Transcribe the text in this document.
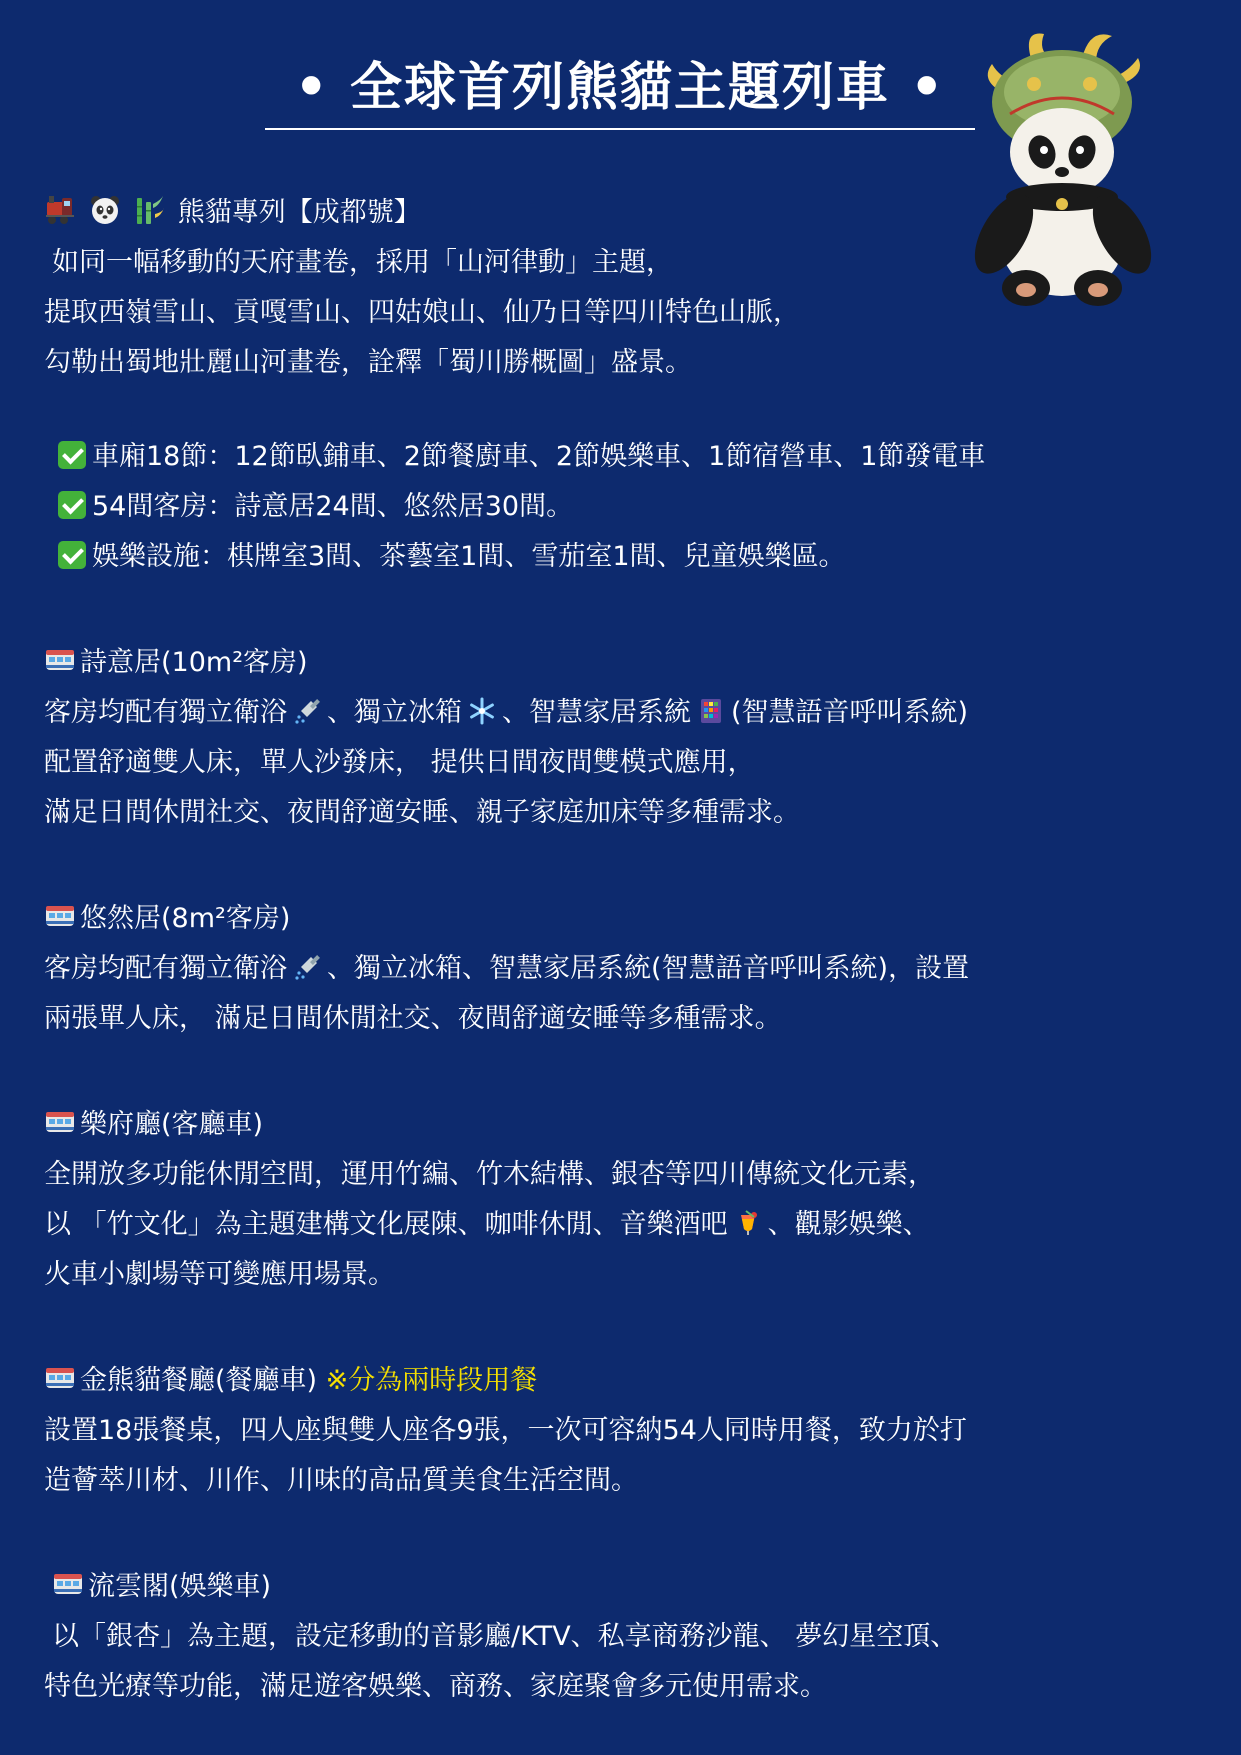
• 全球首列熊貓主題列車 •
熊貓專列【成都號】
如同一幅移動的天府畫卷，採用「山河律動」主題，
提取西嶺雪山、貢嘎雪山、四姑娘山、仙乃日等四川特色山脈，
勾勒出蜀地壯麗山河畫卷，詮釋「蜀川勝概圖」盛景。
車廂18節：12節臥鋪車、2節餐廚車、2節娛樂車、1節宿營車、1節發電車
54間客房：詩意居24間、悠然居30間。
娛樂設施：棋牌室3間、茶藝室1間、雪茄室1間、兒童娛樂區。
詩意居(10m²客房)
客房均配有獨立衛浴 、獨立冰箱 、智慧家居系統 (智慧語音呼叫系統)
配置舒適雙人床，單人沙發床， 提供日間夜間雙模式應用，
滿足日間休閒社交、夜間舒適安睡、親子家庭加床等多種需求。
悠然居(8m²客房)
客房均配有獨立衛浴 、獨立冰箱、智慧家居系統(智慧語音呼叫系統)，設置
兩張單人床， 滿足日間休閒社交、夜間舒適安睡等多種需求。
樂府廳(客廳車)
全開放多功能休閒空間，運用竹編、竹木結構、銀杏等四川傳統文化元素，
以 「竹文化」為主題建構文化展陳、咖啡休閒、音樂酒吧 、觀影娛樂、
火車小劇場等可變應用場景。
金熊貓餐廳(餐廳車) ※分為兩時段用餐
設置18張餐桌，四人座與雙人座各9張，一次可容納54人同時用餐，致力於打
造薈萃川材、川作、川味的高品質美食生活空間。
流雲閣(娛樂車)
以「銀杏」為主題，設定移動的音影廳/KTV、私享商務沙龍、 夢幻星空頂、
特色光療等功能，滿足遊客娛樂、商務、家庭聚會多元使用需求。
